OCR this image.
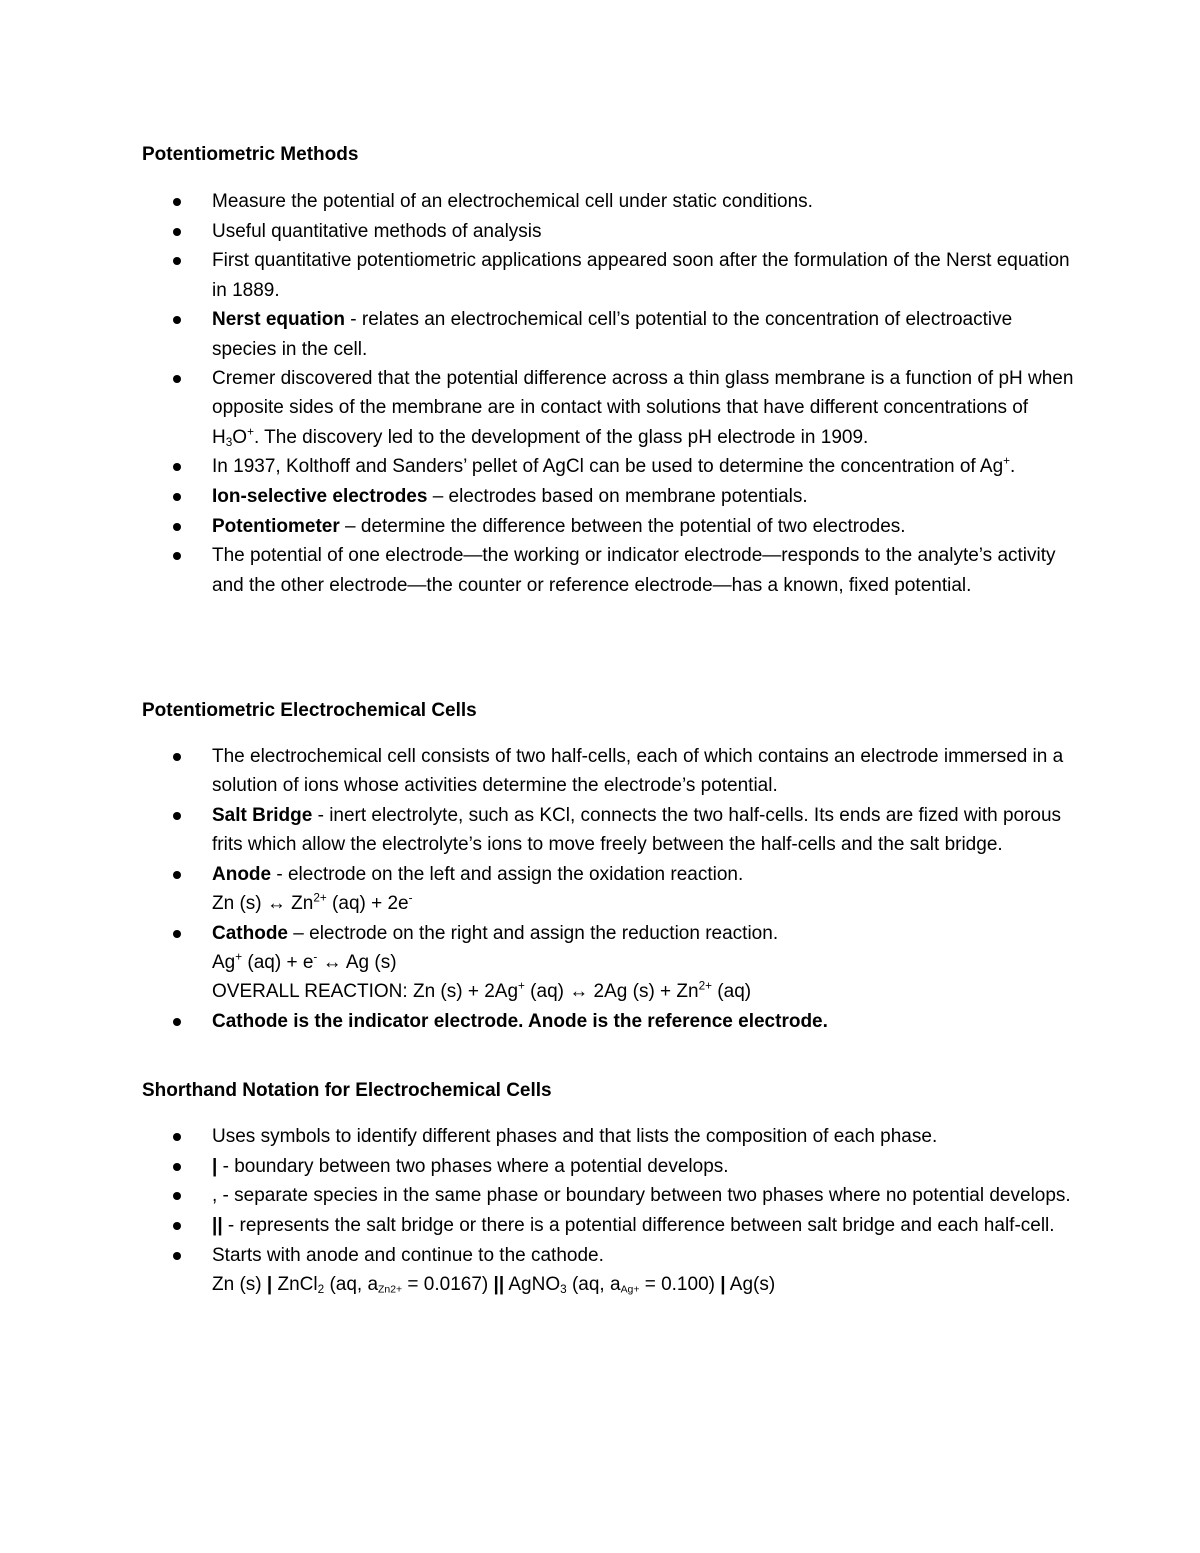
Potentiometric Methods
Measure the potential of an electrochemical cell under static conditions.
Useful quantitative methods of analysis
First quantitative potentiometric applications appeared soon after the formulation of the Nerst equation in 1889.
Nerst equation - relates an electrochemical cell’s potential to the concentration of electroactive species in the cell.
Cremer discovered that the potential difference across a thin glass membrane is a function of pH when opposite sides of the membrane are in contact with solutions that have different concentrations of $H_3O^+$. The discovery led to the development of the glass pH electrode in 1909.
In 1937, Kolthoff and Sanders’ pellet of AgCl can be used to determine the concentration of Ag+.
Ion-selective electrodes – electrodes based on membrane potentials.
Potentiometer – determine the difference between the potential of two electrodes.
The potential of one electrode—the working or indicator electrode—responds to the analyte’s activity and the other electrode—the counter or reference electrode—has a known, fixed potential.
Potentiometric Electrochemical Cells
The electrochemical cell consists of two half-cells, each of which contains an electrode immersed in a solution of ions whose activities determine the electrode’s potential.
Salt Bridge - inert electrolyte, such as KCl, connects the two half-cells. Its ends are fized with porous frits which allow the electrolyte’s ions to move freely between the half-cells and the salt bridge.
Anode - electrode on the left and assign the oxidation reaction.
Zn (s) ↔ $Zn^{2+}$ (aq) + 2e-
Cathode – electrode on the right and assign the reduction reaction.
Ag+ (aq) + e- ↔ Ag (s)
OVERALL REACTION: Zn (s) + 2Ag+ (aq) ↔ 2Ag $(s) + Zn^{2+}$ (aq)
Cathode is the indicator electrode. Anode is the reference electrode.
Shorthand Notation for Electrochemical Cells
Uses symbols to identify different phases and that lists the composition of each phase.
| - boundary between two phases where a potential develops.
, - separate species in the same phase or boundary between two phases where no potential develops.
|| - represents the salt bridge or there is a potential difference between salt bridge and each half-cell.
Starts with anode and continue to the cathode.
Zn (s) | ZnCl$_2$ (aq, $a_{Zn2+} = 0.0167$) || AgNO$_3$ (aq, $a_{Ag+} = 0.100$) | Ag(s)
